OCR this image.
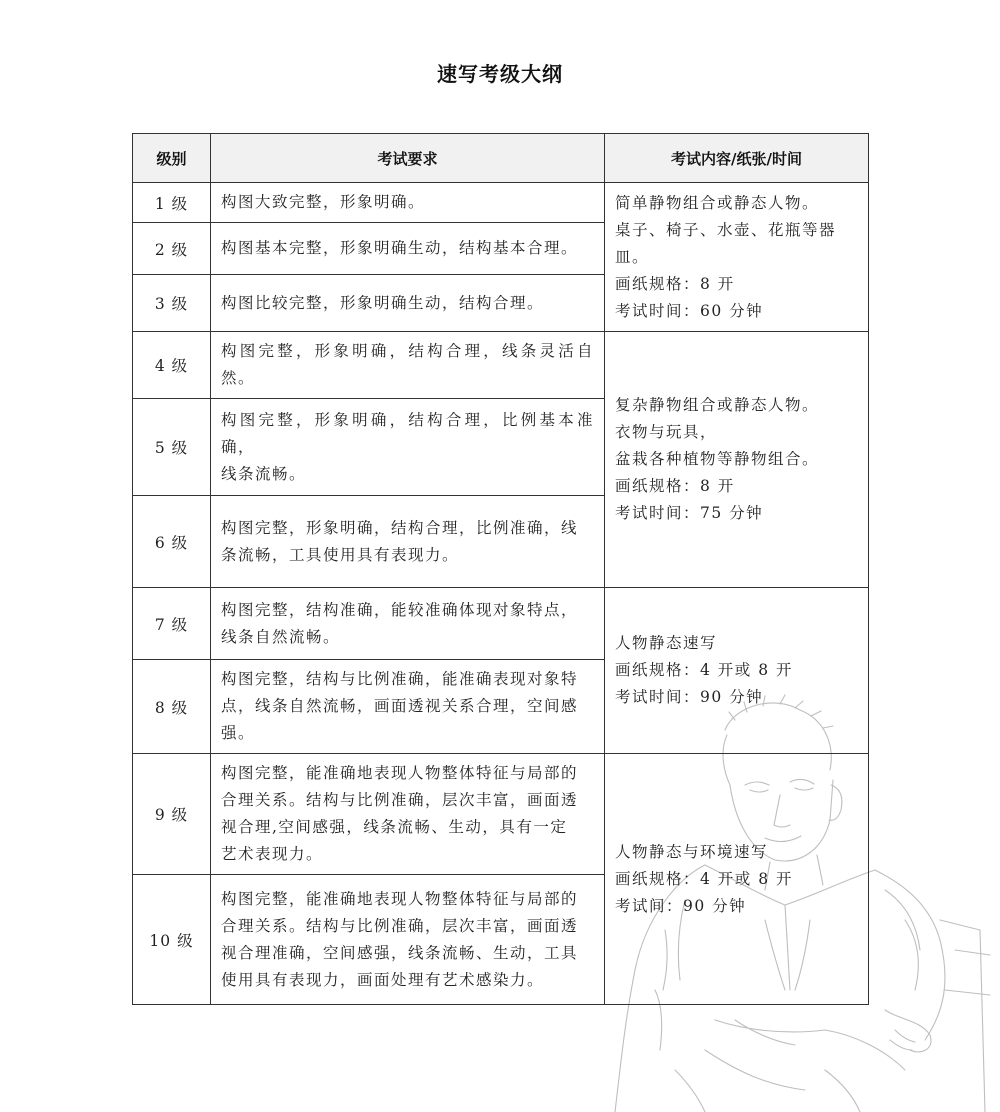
速写考级大纲
级别	考试要求	考试内容/纸张/时间
1 级	构图大致完整，形象明确。	简单静物组合或静态人物。
桌子、椅子、水壶、花瓶等器皿。
画纸规格：8 开
考试时间：60 分钟
2 级	构图基本完整，形象明确生动，结构基本合理。	
3 级	构图比较完整，形象明确生动，结构合理。	
4 级	构图完整，形象明确，结构合理，线条灵活自然。	复杂静物组合或静态人物。
衣物与玩具，
盆栽各种植物等静物组合。
画纸规格：8 开
考试时间：75 分钟
5 级	构图完整，形象明确，结构合理，比例基本准确，
线条流畅。	
6 级	构图完整，形象明确，结构合理，比例准确，线
条流畅，工具使用具有表现力。	
7 级	构图完整，结构准确，能较准确体现对象特点，
线条自然流畅。	人物静态速写
画纸规格：4 开或 8 开
考试时间：90 分钟
8 级	构图完整，结构与比例准确，能准确表现对象特
点，线条自然流畅，画面透视关系合理，空间感
强。	
9 级	构图完整，能准确地表现人物整体特征与局部的
合理关系。结构与比例准确，层次丰富，画面透
视合理,空间感强，线条流畅、生动，具有一定
艺术表现力。	人物静态与环境速写
画纸规格：4 开或 8 开
考试间：90 分钟
10 级	构图完整，能准确地表现人物整体特征与局部的
合理关系。结构与比例准确，层次丰富，画面透
视合理准确，空间感强，线条流畅、生动，工具
使用具有表现力，画面处理有艺术感染力。	
